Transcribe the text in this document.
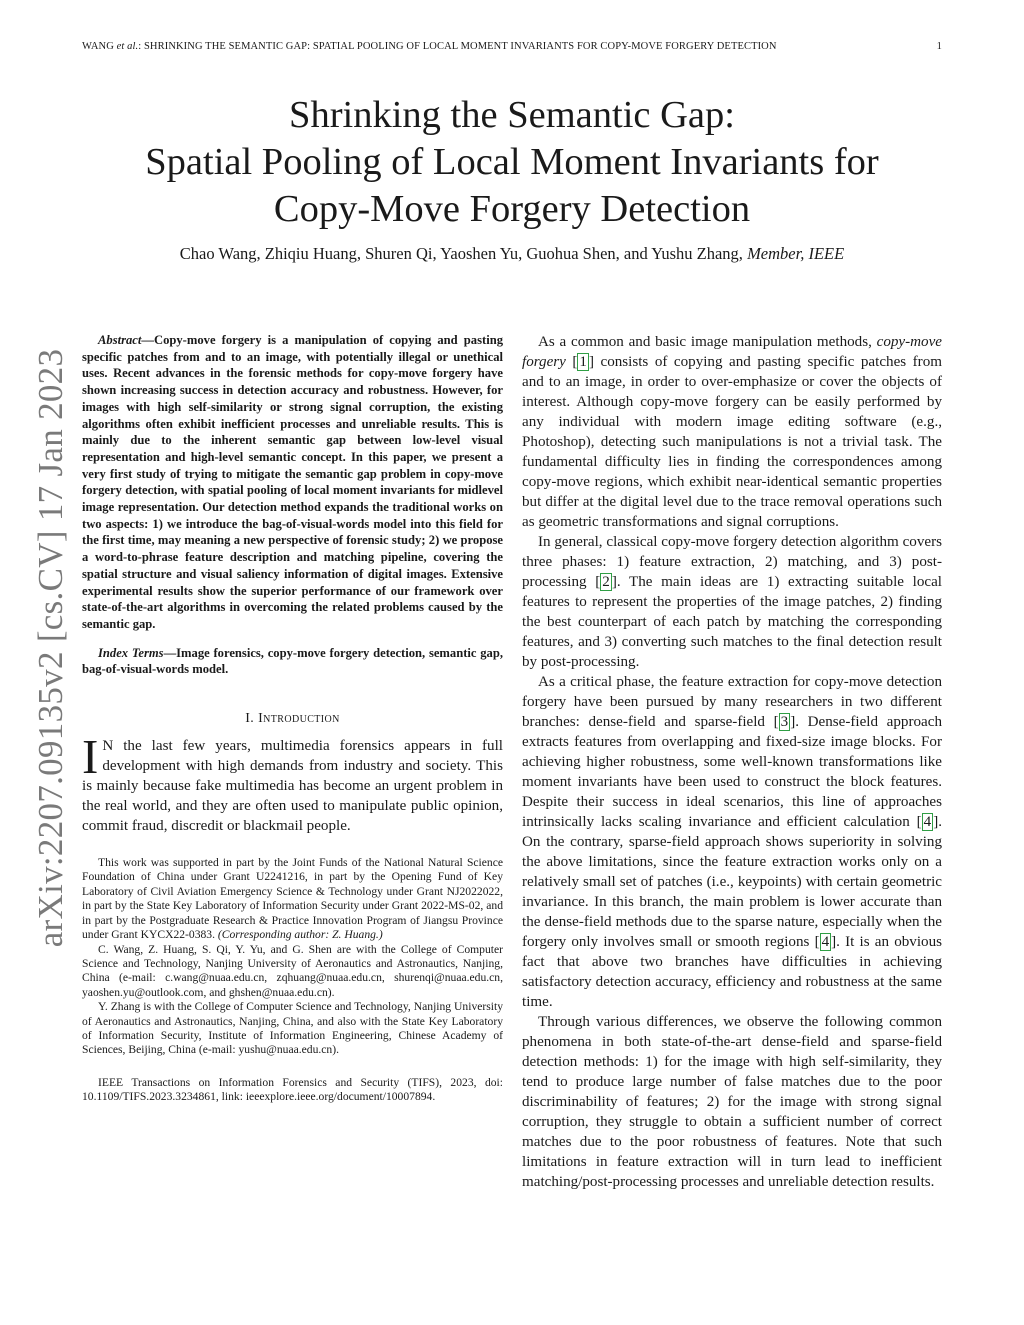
WANG et al.: SHRINKING THE SEMANTIC GAP: SPATIAL POOLING OF LOCAL MOMENT INVARIANTS FOR COPY-MOVE FORGERY DETECTION	1
arXiv:2207.09135v2 [cs.CV] 17 Jan 2023
Shrinking the Semantic Gap:
Spatial Pooling of Local Moment Invariants for
Copy-Move Forgery Detection
Chao Wang, Zhiqiu Huang, Shuren Qi, Yaoshen Yu, Guohua Shen, and Yushu Zhang, Member, IEEE

Abstract—Copy-move forgery is a manipulation of copying and pasting specific patches from and to an image, with potentially illegal or unethical uses. Recent advances in the forensic methods for copy-move forgery have shown increasing success in detection accuracy and robustness. However, for images with high self-similarity or strong signal corruption, the existing algorithms often exhibit inefficient processes and unreliable results. This is mainly due to the inherent semantic gap between low-level visual representation and high-level semantic concept. In this paper, we present a very first study of trying to mitigate the semantic gap problem in copy-move forgery detection, with spatial pooling of local moment invariants for midlevel image representation. Our detection method expands the traditional works on two aspects: 1) we introduce the bag-of-visual-words model into this field for the first time, may meaning a new perspective of forensic study; 2) we propose a word-to-phrase feature description and matching pipeline, covering the spatial structure and visual saliency information of digital images. Extensive experimental results show the superior performance of our framework over state-of-the-art algorithms in overcoming the related problems caused by the semantic gap.

Index Terms—Image forensics, copy-move forgery detection, semantic gap, bag-of-visual-words model.

I. Introduction

I N the last few years, multimedia forensics appears in full development with high demands from industry and society. This is mainly because fake multimedia has become an urgent problem in the real world, and they are often used to manipulate public opinion, commit fraud, discredit or blackmail people.

This work was supported in part by the Joint Funds of the National Natural Science Foundation of China under Grant U2241216, in part by the Opening Fund of Key Laboratory of Civil Aviation Emergency Science & Technology under Grant NJ2022022, in part by the State Key Laboratory of Information Security under Grant 2022-MS-02, and in part by the Postgraduate Research & Practice Innovation Program of Jiangsu Province under Grant KYCX22-0383. (Corresponding author: Z. Huang.)

C. Wang, Z. Huang, S. Qi, Y. Yu, and G. Shen are with the College of Computer Science and Technology, Nanjing University of Aeronautics and Astronautics, Nanjing, China (e-mail: c.wang@nuaa.edu.cn, zqhuang@nuaa.edu.cn, shurenqi@nuaa.edu.cn, yaoshen.yu@outlook.com, and ghshen@nuaa.edu.cn).

Y. Zhang is with the College of Computer Science and Technology, Nanjing University of Aeronautics and Astronautics, Nanjing, China, and also with the State Key Laboratory of Information Security, Institute of Information Engineering, Chinese Academy of Sciences, Beijing, China (e-mail: yushu@nuaa.edu.cn).

IEEE Transactions on Information Forensics and Security (TIFS), 2023, doi: 10.1109/TIFS.2023.3234861, link: ieeexplore.ieee.org/document/10007894.

As a common and basic image manipulation methods, copy-move forgery [ 1 ] consists of copying and pasting specific patches from and to an image, in order to over-emphasize or cover the objects of interest. Although copy-move forgery can be easily performed by any individual with modern image editing software (e.g., Photoshop), detecting such manipulations is not a trivial task. The fundamental difficulty lies in finding the correspondences among copy-move regions, which exhibit near-identical semantic properties but differ at the digital level due to the trace removal operations such as geometric transformations and signal corruptions.

In general, classical copy-move forgery detection algorithm covers three phases: 1) feature extraction, 2) matching, and 3) post-processing [ 2 ]. The main ideas are 1) extracting suitable local features to represent the properties of the image patches, 2) finding the best counterpart of each patch by matching the corresponding features, and 3) converting such matches to the final detection result by post-processing.

As a critical phase, the feature extraction for copy-move detection forgery have been pursued by many researchers in two different branches: dense-field and sparse-field [ 3 ]. Dense-field approach extracts features from overlapping and fixed-size image blocks. For achieving higher robustness, some well-known transformations like moment invariants have been used to construct the block features. Despite their success in ideal scenarios, this line of approaches intrinsically lacks scaling invariance and efficient calculation [ 4 ]. On the contrary, sparse-field approach shows superiority in solving the above limitations, since the feature extraction works only on a relatively small set of patches (i.e., keypoints) with certain geometric invariance. In this branch, the main problem is lower accurate than the dense-field methods due to the sparse nature, especially when the forgery only involves small or smooth regions [ 4 ]. It is an obvious fact that above two branches have difficulties in achieving satisfactory detection accuracy, efficiency and robustness at the same time.

Through various differences, we observe the following common phenomena in both state-of-the-art dense-field and sparse-field detection methods: 1) for the image with high self-similarity, they tend to produce large number of false matches due to the poor discriminability of features; 2) for the image with strong signal corruption, they struggle to obtain a sufficient number of correct matches due to the poor robustness of features. Note that such limitations in feature extraction will in turn lead to inefficient matching/post-processing processes and unreliable detection results.
